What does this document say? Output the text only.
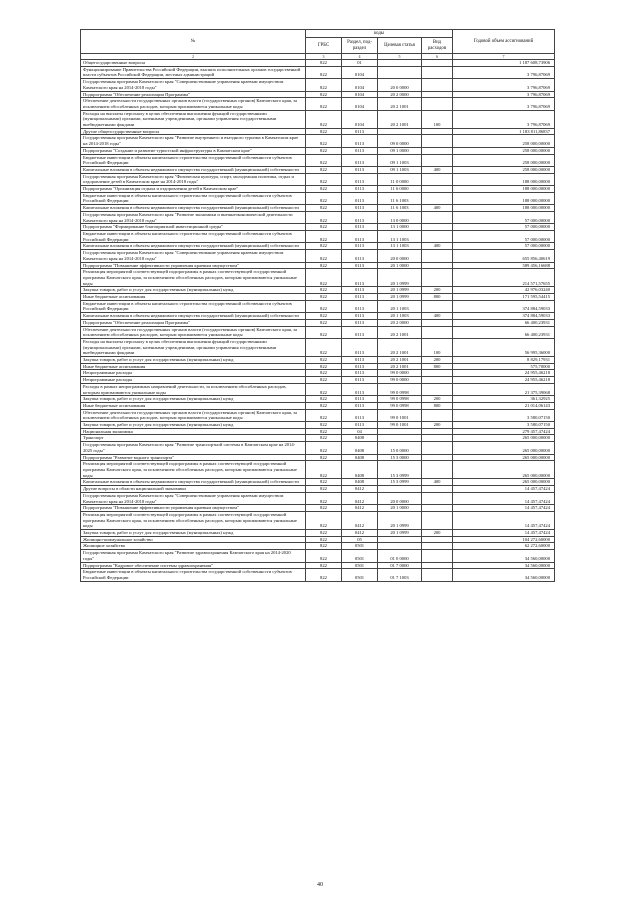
№	коды				Годовой объем ассигнований
	ГРБС	Раздел, под-раздел	Целевая статья	Вид расходов	
2	3	4	5	6	7
Общегосударственные вопросы	822	01			1 187 608,73906
Функционирование Правительства Российской Федерации, высших исполнительных органов государственной власти субъектов Российской Федерации, местных администраций	822	0104			3 796,87069
Государственная программа Камчатского края "Совершенствование управления краевым имуществом Камчатского края на 2014-2018 годы"	822	0104	20 0 0000		3 796,87069
Подпрограмма "Обеспечение реализации Программы"	822	0104	20 2 0000		3 796,87069
Обеспечение деятельности государственных органов власти (государственных органов) Камчатского края, за исключением обособленных расходов, которым присваиваются уникальные коды	822	0104	20 2 1001		3 796,87069
Расходы на выплаты персоналу в целях обеспечения выполнения функций государственными (муниципальными) органами, казенными учреждениями, органами управления государственными внебюджетными фондами	822	0104	20 2 1001	100	3 796,87069
Другие общегосударственные вопросы	822	0113			1 183 811,86837
Государственная программа Камчатского края "Развитие внутреннего и въездного туризма в Камчатском крае на 2014-2018 годы"	822	0113	09 0 0000		258 000,00000
Подпрограмма "Создание и развитие туристской инфраструктуры в Камчатском крае"	822	0113	09 1 0000		258 000,00000
Бюджетные инвестиции в объекты капитального строительства государственной собственности субъектов Российской Федерации	822	0113	09 1 1003		258 000,00000
Капитальные вложения в объекты недвижимого имущества государственной (муниципальной) собственности	822	0113	09 1 1003	400	258 000,00000
Государственная программа Камчатского края "Физическая культура, спорт, молодежная политика, отдых и оздоровление детей в Камчатском крае на 2014-2018 годы"	822	0113	11 0 0000		188 000,00000
Подпрограмма "Организация отдыха и оздоровления детей в Камчатском крае"	822	0113	11 6 0000		188 000,00000
Бюджетные инвестиции в объекты капитального строительства государственной собственности субъектов Российской Федерации	822	0113	11 6 1003		188 000,00000
Капитальные вложения в объекты недвижимого имущества государственной (муниципальной) собственности	822	0113	11 6 1003	400	188 000,00000
Государственная программа Камчатского края "Развитие экономики и внешнеэкономической деятельности Камчатского края на 2014-2018 годы"	822	0113	13 0 0000		57 000,00000
Подпрограмма "Формирование благоприятной инвестиционной среды"	822	0113	13 1 0000		57 000,00000
Бюджетные инвестиции в объекты капитального строительства государственной собственности субъектов Российской Федерации	822	0113	13 1 1003		57 000,00000
Капитальные вложения в объекты недвижимого имущества государственной (муниципальной) собственности	822	0113	13 1 1003	400	57 000,00000
Государственная программа Камчатского края "Совершенствование управления краевым имуществом Камчатского края на 2014-2018 годы"	822	0113	20 0 0000		655 856,40619
Подпрограмма "Повышение эффективности управления краевым имуществом"	822	0113	20 1 0000		589 456,16688
Реализация мероприятий соответствующей подпрограммы в рамках соответствующей государственной программы Камчатского края, за исключением обособленных расходов, которым присваиваются уникальные коды	822	0113	20 1 0999		214 571,57655
Закупка товаров, работ и услуг для государственных (муниципальных) нужд	822	0113	20 1 0999	200	42 976,03240
Иные бюджетные ассигнования	822	0113	20 1 0999	800	171 595,54415
Бюджетные инвестиции в объекты капитального строительства государственной собственности субъектов Российской Федерации	822	0113	20 1 1003		374 884,59033
Капитальные вложения в объекты недвижимого имущества государственной (муниципальной) собственности	822	0113	20 1 1003	400	374 884,59033
Подпрограмма "Обеспечение реализации Программы"	822	0113	20 2 0000		66 400,23931
Обеспечение деятельности государственных органов власти (государственных органов) Камчатского края, за исключением обособленных расходов, которым присваиваются уникальные коды	822	0113	20 2 1001		66 400,23931
Расходы на выплаты персоналу в целях обеспечения выполнения функций государственными (муниципальными) органами, казенными учреждениями, органами управления государственными внебюджетными фондами	822	0113	20 2 1001	100	56 995,36000
Закупка товаров, работ и услуг для государственных (муниципальных) нужд	822	0113	20 2 1001	200	8 829,17931
Иные бюджетные ассигнования	822	0113	20 2 1001	800	575,70000
Непрограммные расходы	822	0113	99 0 0000		24 955,46218
Непрограммные расходы	822	0113	99 0 0000		24 955,46218
Расходы в рамках непрограммных направлений деятельности, за исключением обособленных расходов, которым присваиваются уникальные коды	822	0113	99 0 0998		21 375,39068
Закупка товаров, работ и услуг для государственных (муниципальных) нужд	822	0113	99 0 0998	200	361,32925
Иные бюджетные ассигнования	822	0113	99 0 0998	800	21 014,06143
Обеспечение деятельности государственных органов власти (государственных органов) Камчатского края, за исключением обособленных расходов, которым присваиваются уникальные коды	822	0113	99 0 1001		3 580,07150
Закупка товаров, работ и услуг для государственных (муниципальных) нужд	822	0113	99 0 1001	200	3 580,07150
Национальная экономика	822	04			279 457,47424
Транспорт	822	0408			265 000,00000
Государственная программа Камчатского края "Развитие транспортной системы в Камчатском крае на 2014-2025 годы"	822	0408	15 0 0000		265 000,00000
Подпрограмма "Развитие водного транспорта"	822	0408	15 3 0000		265 000,00000
Реализация мероприятий соответствующей подпрограммы в рамках соответствующей государственной программы Камчатского края, за исключением обособленных расходов, которым присваиваются уникальные коды	822	0408	15 3 0999		265 000,00000
Капитальные вложения в объекты недвижимого имущества государственной (муниципальной) собственности	822	0408	15 3 0999	400	265 000,00000
Другие вопросы в области национальной экономики	822	0412			14 457,47424
Государственная программа Камчатского края "Совершенствование управления краевым имуществом Камчатского края на 2014-2018 годы"	822	0412	20 0 0000		14 457,47424
Подпрограмма "Повышение эффективности управления краевым имуществом"	822	0412	20 1 0000		14 457,47424
Реализация мероприятий соответствующей подпрограммы в рамках соответствующей государственной программы Камчатского края, за исключением обособленных расходов, которым присваиваются уникальные коды	822	0412	20 1 0999		14 457,47424
Закупка товаров, работ и услуг для государственных (муниципальных) нужд	822	0412	20 1 0999	200	14 457,47424
Жилищно-коммунальное хозяйство	822	05			104 272,60000
Жилищное хозяйство	822	0501			62 272,60000
Государственная программа Камчатского края "Развитие здравоохранения Камчатского края на 2014-2020 годы"	822	0501	01 0 0000		34 560,00000
Подпрограмма "Кадровое обеспечение системы здравоохранения"	822	0501	01 7 0000		34 560,00000
Бюджетные инвестиции в объекты капитального строительства государственной собственности субъектов Российской Федерации	822	0501	01 7 1003		34 560,00000
40
